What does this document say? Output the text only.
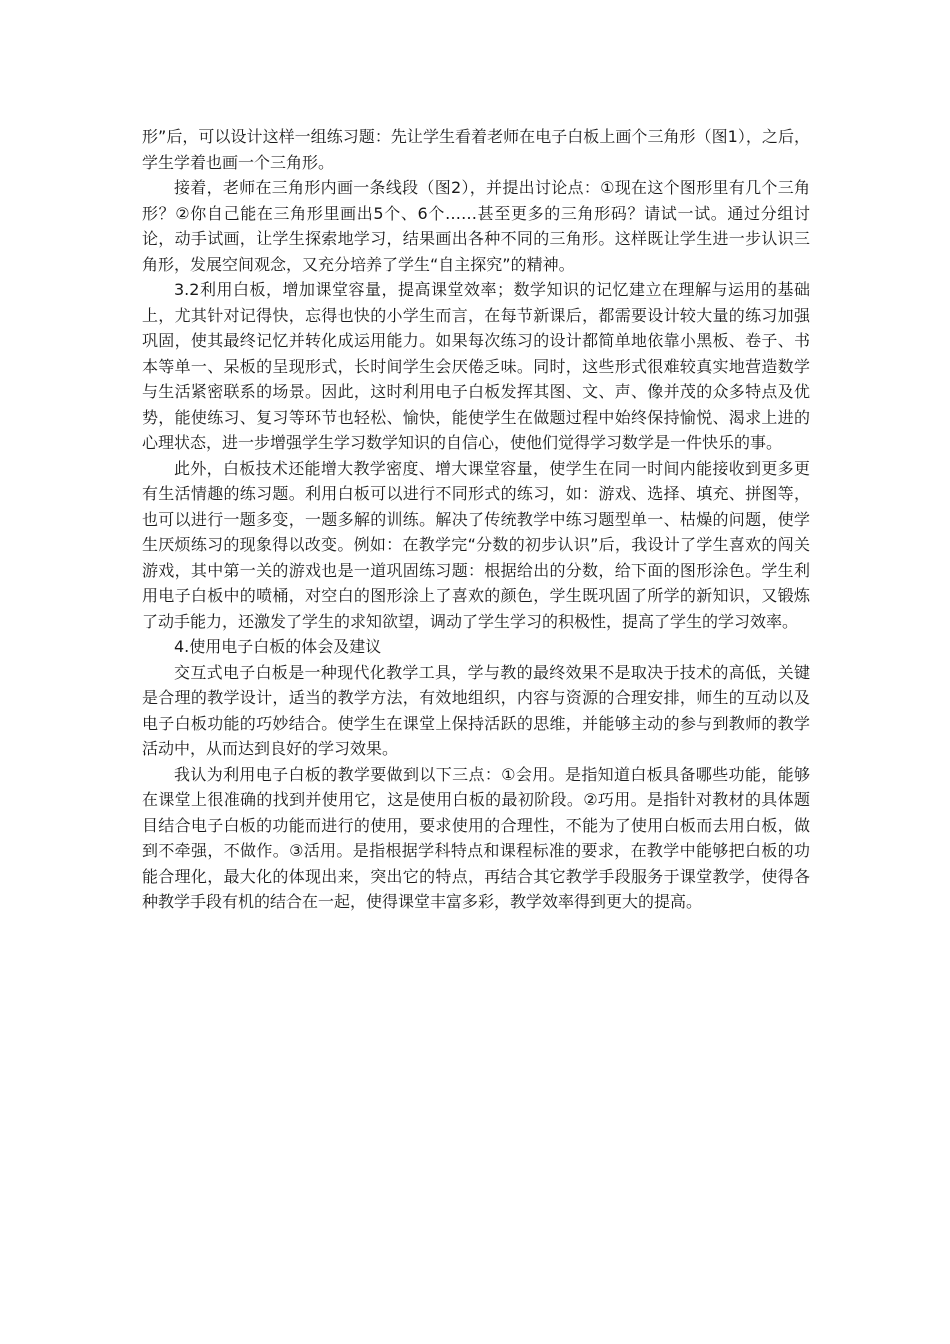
形”后，可以设计这样一组练习题：先让学生看着老师在电子白板上画个三角形（图1），之后，学生学着也画一个三角形。

接着，老师在三角形内画一条线段（图2），并提出讨论点：①现在这个图形里有几个三角形？②你自己能在三角形里画出5个、6个……甚至更多的三角形码？请试一试。通过分组讨论，动手试画，让学生探索地学习，结果画出各种不同的三角形。这样既让学生进一步认识三角形，发展空间观念，又充分培养了学生“自主探究”的精神。

3.2利用白板，增加课堂容量，提高课堂效率；数学知识的记忆建立在理解与运用的基础上，尤其针对记得快，忘得也快的小学生而言，在每节新课后，都需要设计较大量的练习加强巩固，使其最终记忆并转化成运用能力。如果每次练习的设计都简单地依靠小黑板、卷子、书本等单一、呆板的呈现形式，长时间学生会厌倦乏味。同时，这些形式很难较真实地营造数学与生活紧密联系的场景。因此，这时利用电子白板发挥其图、文、声、像并茂的众多特点及优势，能使练习、复习等环节也轻松、愉快，能使学生在做题过程中始终保持愉悦、渴求上进的心理状态，进一步增强学生学习数学知识的自信心，使他们觉得学习数学是一件快乐的事。

此外，白板技术还能增大教学密度、增大课堂容量，使学生在同一时间内能接收到更多更有生活情趣的练习题。利用白板可以进行不同形式的练习，如：游戏、选择、填充、拼图等，也可以进行一题多变，一题多解的训练。解决了传统教学中练习题型单一、枯燥的问题，使学生厌烦练习的现象得以改变。例如：在教学完“分数的初步认识”后，我设计了学生喜欢的闯关游戏，其中第一关的游戏也是一道巩固练习题：根据给出的分数，给下面的图形涂色。学生利用电子白板中的喷桶，对空白的图形涂上了喜欢的颜色，学生既巩固了所学的新知识，又锻炼了动手能力，还激发了学生的求知欲望，调动了学生学习的积极性，提高了学生的学习效率。

4.使用电子白板的体会及建议

交互式电子白板是一种现代化教学工具，学与教的最终效果不是取决于技术的高低，关键是合理的教学设计，适当的教学方法，有效地组织，内容与资源的合理安排，师生的互动以及电子白板功能的巧妙结合。使学生在课堂上保持活跃的思维，并能够主动的参与到教师的教学活动中，从而达到良好的学习效果。

我认为利用电子白板的教学要做到以下三点：①会用。是指知道白板具备哪些功能，能够在课堂上很准确的找到并使用它，这是使用白板的最初阶段。②巧用。是指针对教材的具体题目结合电子白板的功能而进行的使用，要求使用的合理性，不能为了使用白板而去用白板，做到不牵强，不做作。③活用。是指根据学科特点和课程标准的要求，在教学中能够把白板的功能合理化，最大化的体现出来，突出它的特点，再结合其它教学手段服务于课堂教学，使得各种教学手段有机的结合在一起，使得课堂丰富多彩，教学效率得到更大的提高。
